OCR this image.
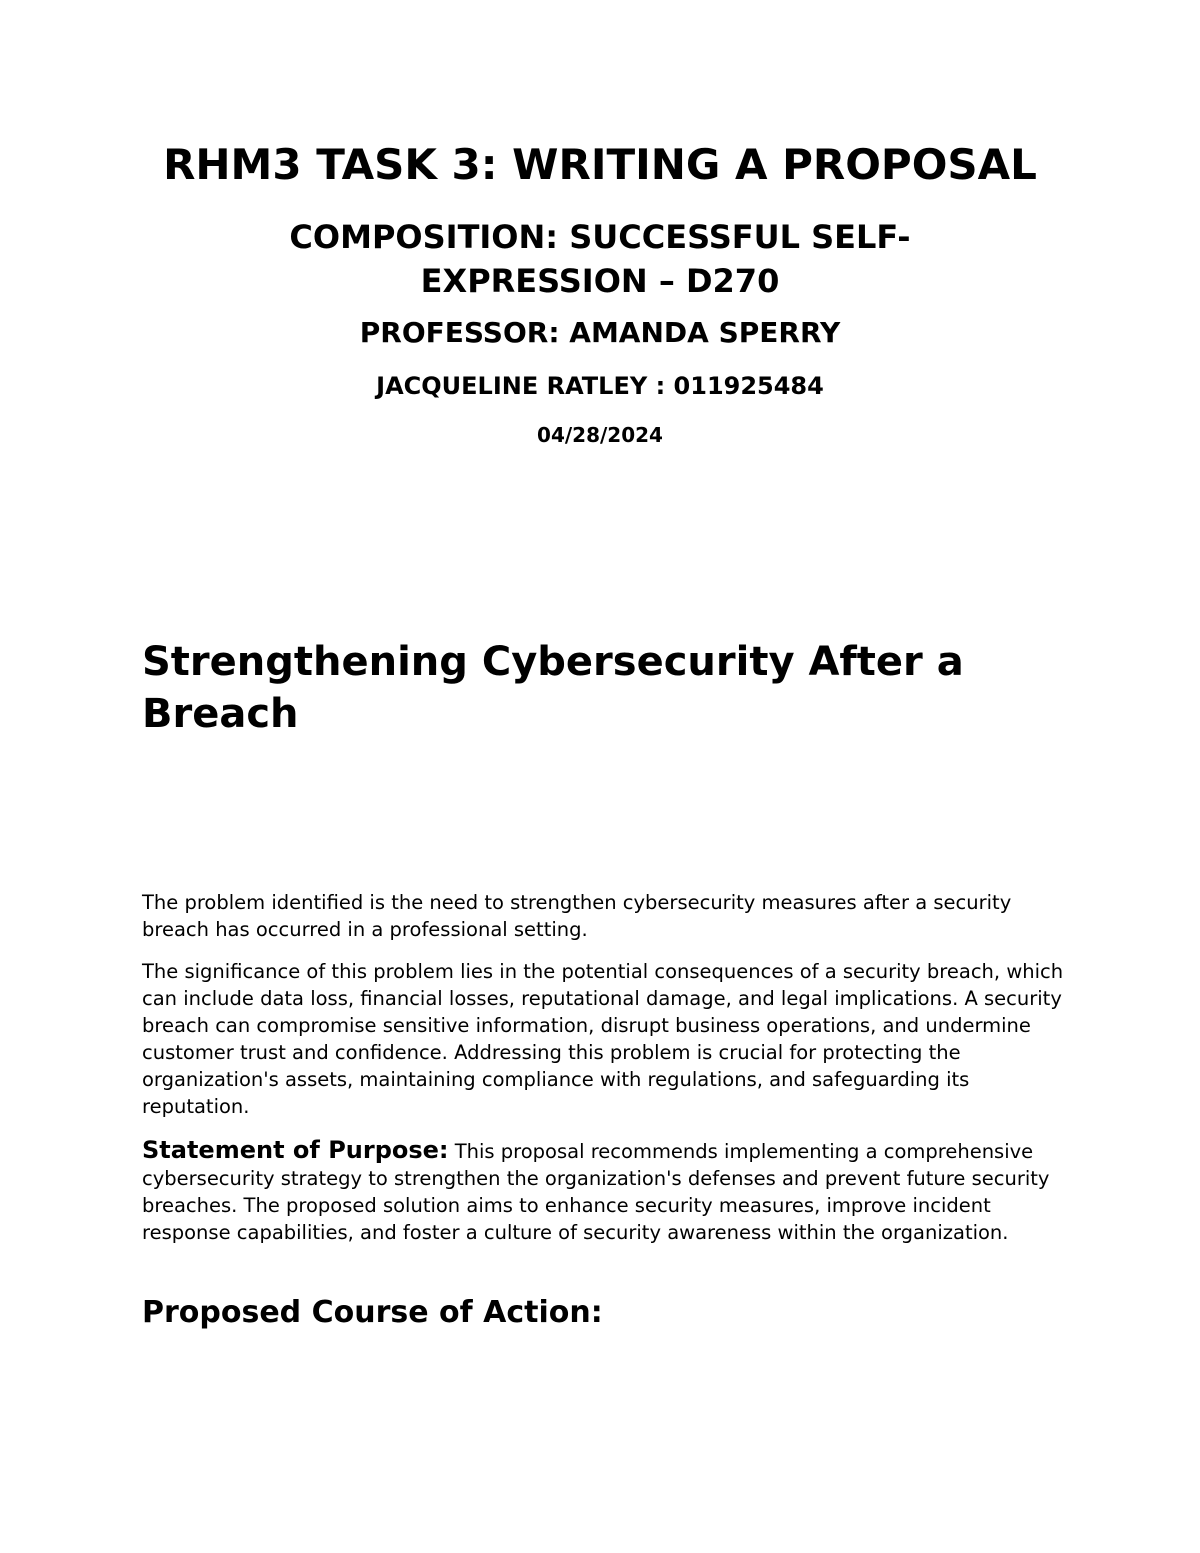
RHM3 TASK 3: WRITING A PROPOSAL
COMPOSITION: SUCCESSFUL SELF-EXPRESSION – D270
PROFESSOR: AMANDA SPERRY
JACQUELINE RATLEY : 011925484
04/28/2024
Strengthening Cybersecurity After a Breach

The problem identified is the need to strengthen cybersecurity measures after a security breach has occurred in a professional setting.

The significance of this problem lies in the potential consequences of a security breach, which can include data loss, financial losses, reputational damage, and legal implications. A security breach can compromise sensitive information, disrupt business operations, and undermine customer trust and confidence. Addressing this problem is crucial for protecting the organization's assets, maintaining compliance with regulations, and safeguarding its reputation.

Statement of Purpose: This proposal recommends implementing a comprehensive cybersecurity strategy to strengthen the organization's defenses and prevent future security breaches. The proposed solution aims to enhance security measures, improve incident response capabilities, and foster a culture of security awareness within the organization.

Proposed Course of Action:
